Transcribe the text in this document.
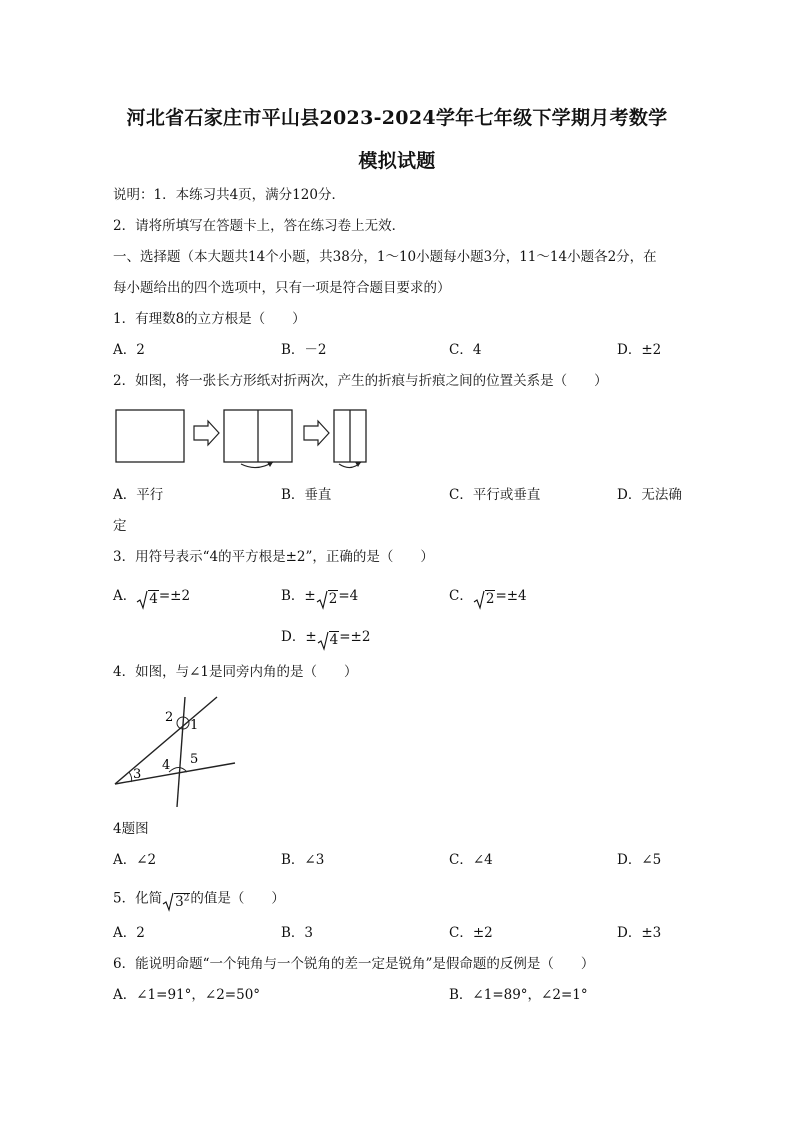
河北省石家庄市平山县2023-2024学年七年级下学期月考数学
模拟试题
说明：1．本练习共4页，满分120分．
2．请将所填写在答题卡上，答在练习卷上无效．
一、选择题（本大题共14个小题，共38分，1～10小题每小题3分，11～14小题各2分，在
每小题给出的四个选项中，只有一项是符合题目要求的）
1．有理数8的立方根是（　　）
A．2	B．－2	C．4	D．±2
2．如图，将一张长方形纸对折两次，产生的折痕与折痕之间的位置关系是（　　）
A．平行	B．垂直	C．平行或垂直	D．无法确
定
3．用符号表示“4的平方根是±2”，正确的是（　　）
A． 4=±2	B．± 2=4	C． 2=±4
D．± 4=±2
4．如图，与∠1是同旁内角的是（　　）
2
1
3
4 5
4题图
A．∠2	B．∠3	C．∠4	D．∠5
5．化简 $3^2$的值是（　　）
A．2	B．3	C．±2	D．±3
6．能说明命题“一个钝角与一个锐角的差一定是锐角”是假命题的反例是（　　）
A．∠1=91°，∠2=50°	B．∠1=89°，∠2=1°
